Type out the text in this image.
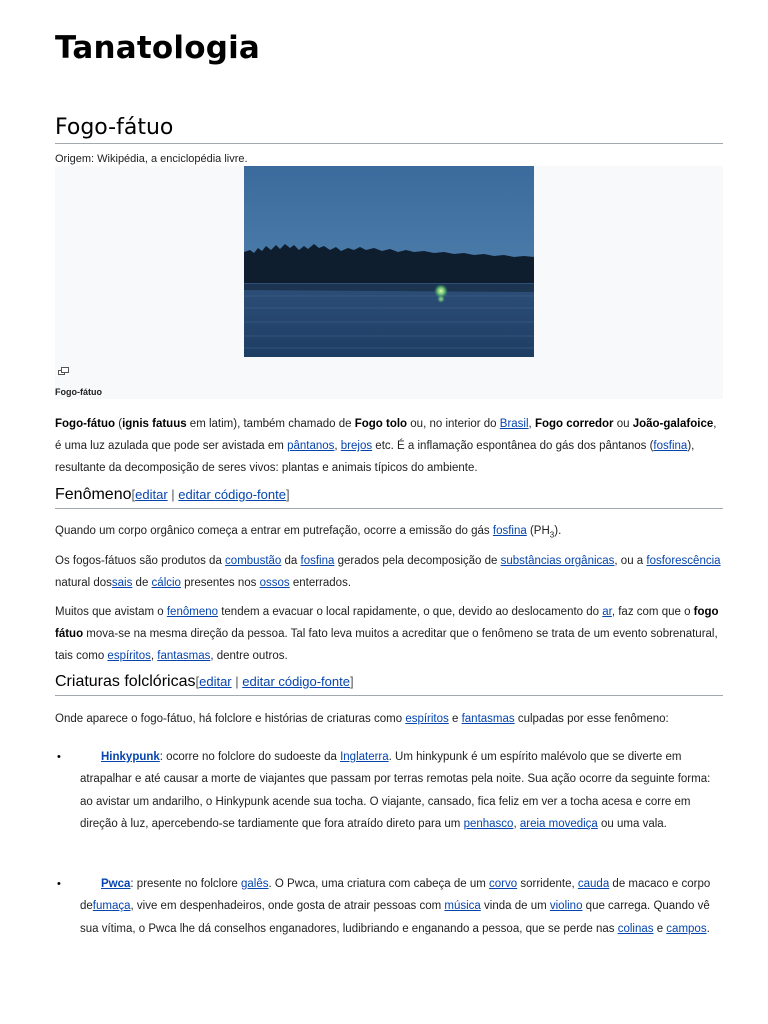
Tanatologia
Fogo-fátuo
Origem: Wikipédia, a enciclopédia livre.
Fogo-fátuo
Fogo-fátuo (ignis fatuus em latim), também chamado de Fogo tolo ou, no interior do Brasil, Fogo corredor ou João-galafoice, é uma luz azulada que pode ser avistada em pântanos, brejos etc. É a inflamação espontânea do gás dos pântanos (fosfina), resultante da decomposição de seres vivos: plantas e animais típicos do ambiente.
Fenômeno[editar | editar código-fonte]
Quando um corpo orgânico começa a entrar em putrefação, ocorre a emissão do gás fosfina $(PH_3)$.
Os fogos-fátuos são produtos da combustão da fosfina gerados pela decomposição de substâncias orgânicas, ou a fosforescência natural dossais de cálcio presentes nos ossos enterrados.
Muitos que avistam o fenômeno tendem a evacuar o local rapidamente, o que, devido ao deslocamento do ar, faz com que o fogo fátuo mova-se na mesma direção da pessoa. Tal fato leva muitos a acreditar que o fenômeno se trata de um evento sobrenatural, tais como espíritos, fantasmas, dentre outros.
Criaturas folclóricas[editar | editar código-fonte]
Onde aparece o fogo-fátuo, há folclore e histórias de criaturas como espíritos e fantasmas culpadas por esse fenômeno:
•	Hinkypunk: ocorre no folclore do sudoeste da Inglaterra. Um hinkypunk é um espírito malévolo que se diverte em atrapalhar e até causar a morte de viajantes que passam por terras remotas pela noite. Sua ação ocorre da seguinte forma: ao avistar um andarilho, o Hinkypunk acende sua tocha. O viajante, cansado, fica feliz em ver a tocha acesa e corre em direção à luz, apercebendo-se tardiamente que fora atraído direto para um penhasco, areia movediça ou uma vala.
•	Pwca: presente no folclore galês. O Pwca, uma criatura com cabeça de um corvo sorridente, cauda de macaco e corpo defumaça, vive em despenhadeiros, onde gosta de atrair pessoas com música vinda de um violino que carrega. Quando vê sua vítima, o Pwca lhe dá conselhos enganadores, ludibriando e enganando a pessoa, que se perde nas colinas e campos.
